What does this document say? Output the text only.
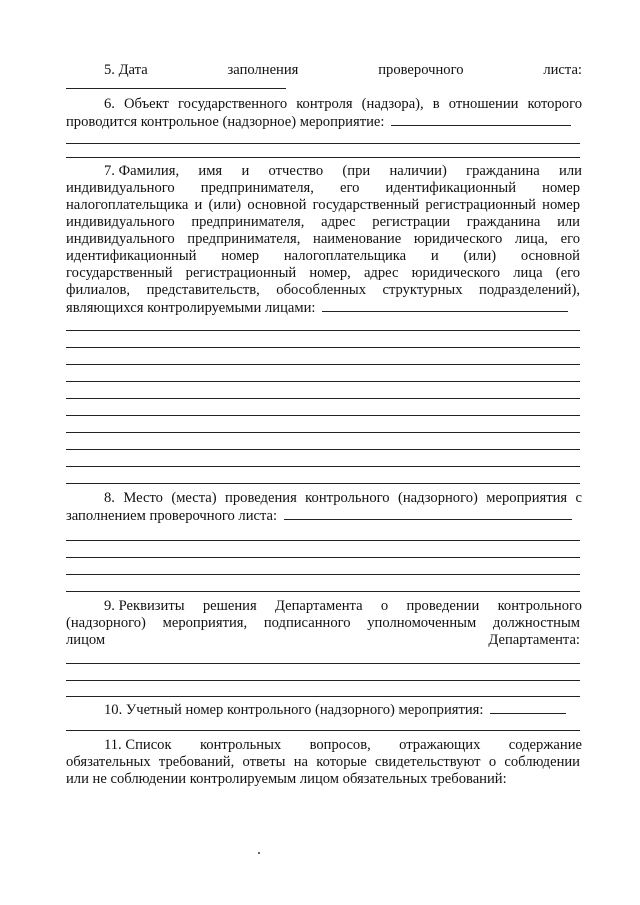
5. Дата	заполнения	проверочного	листа:
6. Объект государственного контроля (надзора), в отношении которого
проводится контрольное (надзорное) мероприятие:
7. Фамилия, имя и отчество (при наличии) гражданина или
индивидуального предпринимателя, его идентификационный номер
налогоплательщика и (или) основной государственный регистрационный номер
индивидуального предпринимателя, адрес регистрации гражданина или
индивидуального предпринимателя, наименование юридического лица, его
идентификационный номер налогоплательщика и (или) основной
государственный регистрационный номер, адрес юридического лица (его
филиалов, представительств, обособленных структурных подразделений),
являющихся контролируемыми лицами:
8. Место (места) проведения контрольного (надзорного) мероприятия с
заполнением проверочного листа:
9. Реквизиты решения Департамента о проведении контрольного
(надзорного) мероприятия, подписанного уполномоченным должностным
лицом	Департамента:
10. Учетный номер контрольного (надзорного) мероприятия:
11. Список контрольных вопросов, отражающих содержание
обязательных требований, ответы на которые свидетельствуют о соблюдении
или не соблюдении контролируемым лицом обязательных требований:
